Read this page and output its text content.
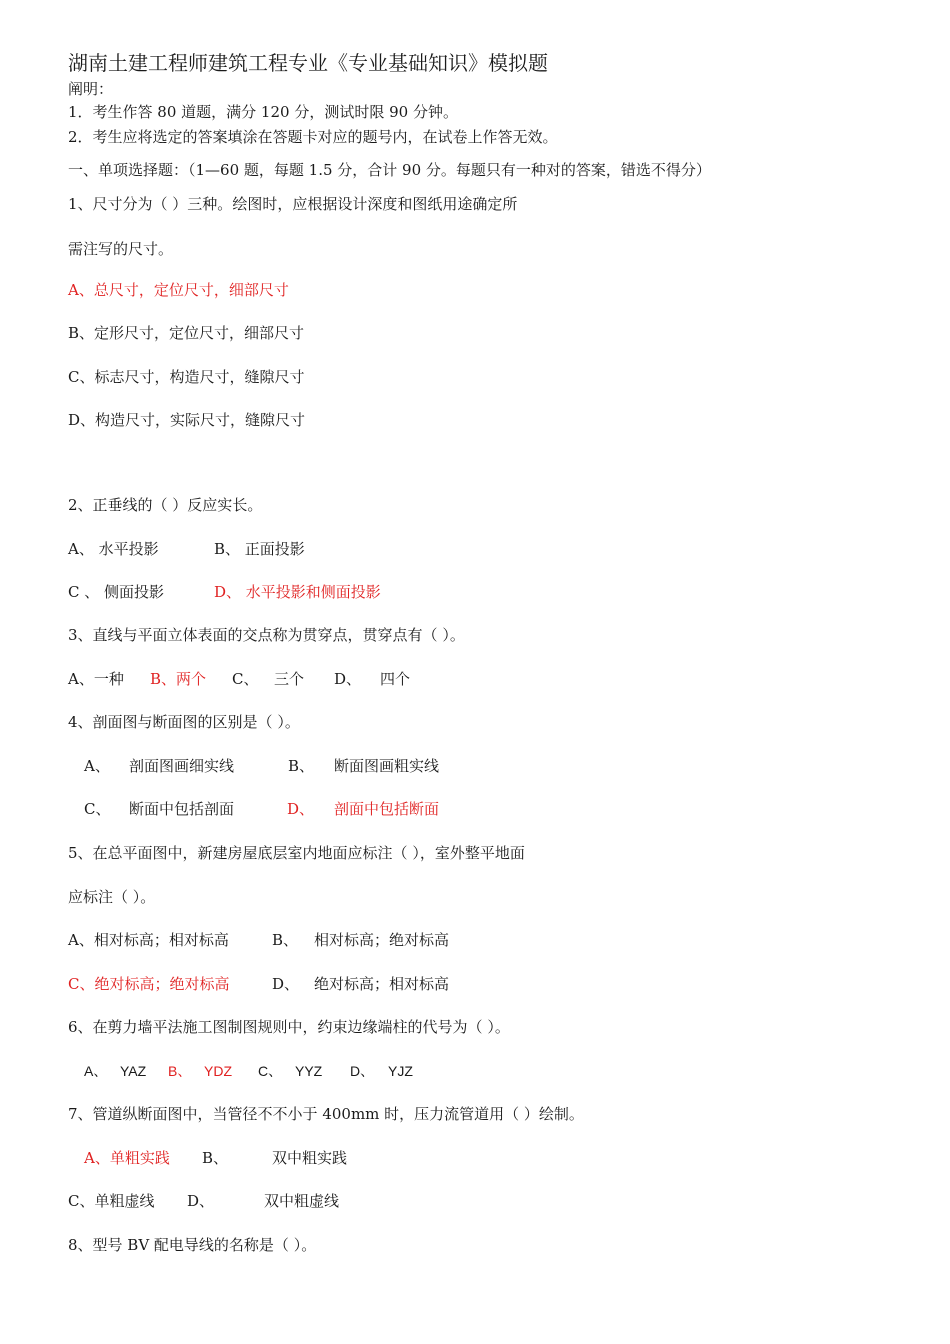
湖南土建工程师建筑工程专业《专业基础知识》模拟题
阐明：
1．考生作答 80 道题，满分 120 分，测试时限 90 分钟。
2．考生应将选定的答案填涂在答题卡对应的题号内，在试卷上作答无效。
一、单项选择题：（1—60 题，每题 1.5 分，合计 90 分。每题只有一种对的答案，错选不得分）
1、尺寸分为（ ）三种。绘图时，应根据设计深度和图纸用途确定所
需注写的尺寸。
A、总尺寸，定位尺寸，细部尺寸
B、定形尺寸，定位尺寸，细部尺寸
C、标志尺寸，构造尺寸，缝隙尺寸
D、构造尺寸，实际尺寸，缝隙尺寸
2、正垂线的（ ）反应实长。
A、 水平投影	B、 正面投影
C 、 侧面投影	D、 水平投影和侧面投影
3、直线与平面立体表面的交点称为贯穿点，贯穿点有（ ）。
A、一种 B、两个 C、 三个 D、 四个
4、剖面图与断面图的区别是（ ）。
A、 剖面图画细实线	B、 断面图画粗实线
C、 断面中包括剖面	D、 剖面中包括断面
5、在总平面图中，新建房屋底层室内地面应标注（ ），室外整平地面
应标注（ ）。
A、相对标高；相对标高	B、 相对标高；绝对标高
C、绝对标高；绝对标高	D、 绝对标高；相对标高
6、在剪力墙平法施工图制图规则中，约束边缘端柱的代号为（ ）。
A、 YAZ B、 YDZ C、 YYZ D、 YJZ
7、管道纵断面图中，当管径不不小于 400mm 时，压力流管道用（ ）绘制。
A、单粗实践 B、	双中粗实践
C、单粗虚线 D、	双中粗虚线
8、型号 BV 配电导线的名称是（ ）。
